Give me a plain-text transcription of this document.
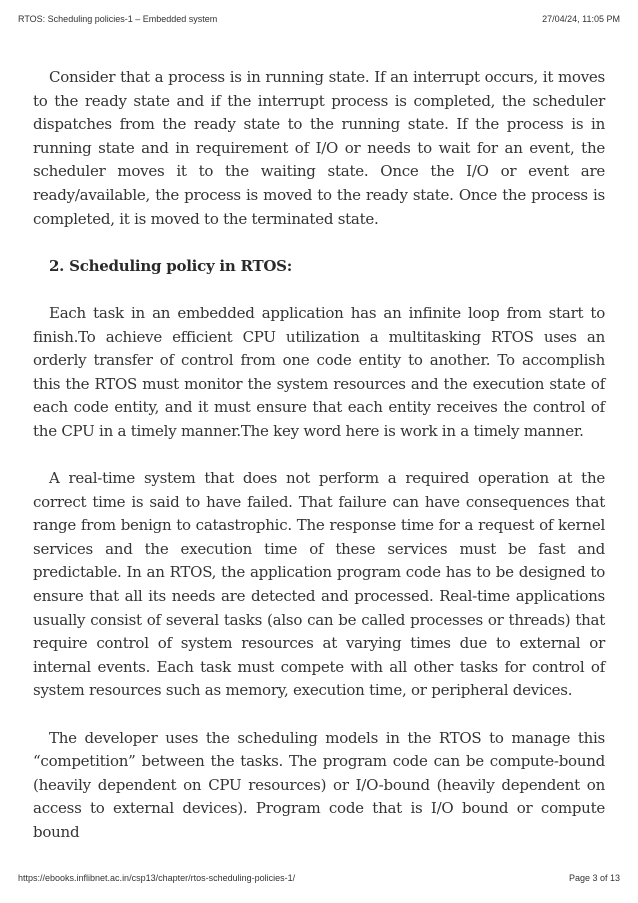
RTOS: Scheduling policies-1 – Embedded system	27/04/24, 11:05 PM

Consider that a process is in running state. If an interrupt occurs, it moves to the ready state and if the interrupt process is completed, the scheduler dispatches from the ready state to the running state. If the process is in running state and in requirement of I/O or needs to wait for an event, the scheduler moves it to the waiting state. Once the I/O or event are ready/available, the process is moved to the ready state. Once the process is completed, it is moved to the terminated state.

2. Scheduling policy in RTOS:

Each task in an embedded application has an infinite loop from start to finish.To achieve efficient CPU utilization a multitasking RTOS uses an orderly transfer of control from one code entity to another. To accomplish this the RTOS must monitor the system resources and the execution state of each code entity, and it must ensure that each entity receives the control of the CPU in a timely manner.The key word here is work in a timely manner.

A real-time system that does not perform a required operation at the correct time is said to have failed. That failure can have consequences that range from benign to catastrophic. The response time for a request of kernel services and the execution time of these services must be fast and predictable. In an RTOS, the application program code has to be designed to ensure that all its needs are detected and processed. Real-time applications usually consist of several tasks (also can be called processes or threads) that require control of system resources at varying times due to external or internal events. Each task must compete with all other tasks for control of system resources such as memory, execution time, or peripheral devices.

The developer uses the scheduling models in the RTOS to manage this “competition” between the tasks. The program code can be compute-bound (heavily dependent on CPU resources) or I/O-bound (heavily dependent on access to external devices). Program code that is I/O bound or compute bound

https://ebooks.inflibnet.ac.in/csp13/chapter/rtos-scheduling-policies-1/	Page 3 of 13
